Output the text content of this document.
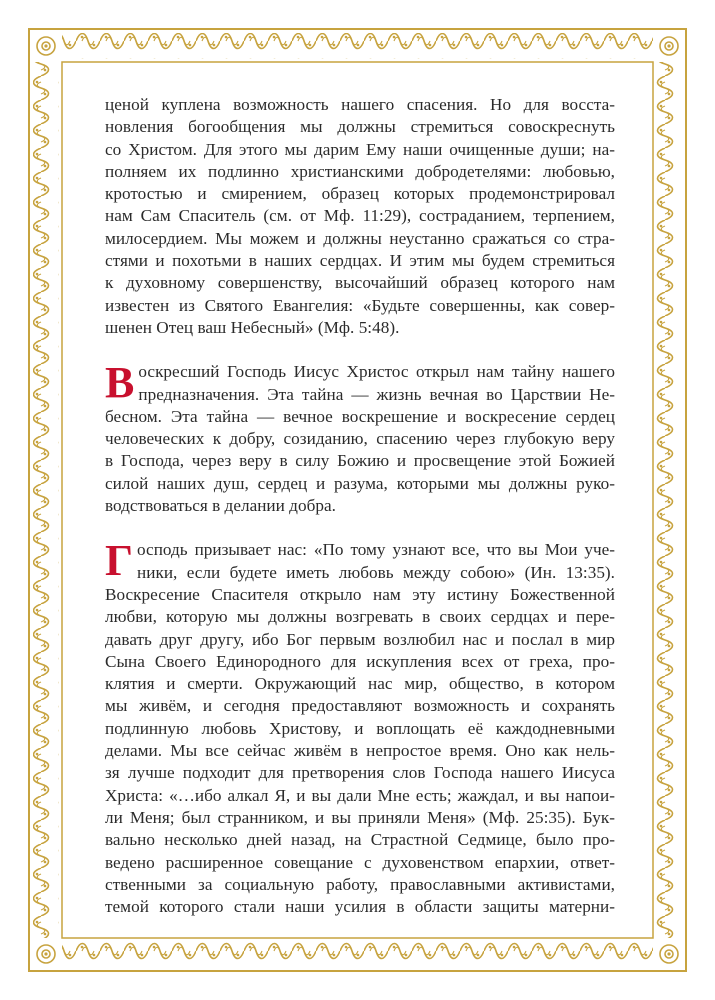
ценой куплена возможность нашего спасения. Но для восста-
новления богообщения мы должны стремиться совоскреснуть
со Христом. Для этого мы дарим Ему наши очищенные души; на-
полняем их подлинно христианскими добродетелями: любовью,
кротостью и смирением, образец которых продемонстрировал
нам Сам Спаситель (см. от Мф. 11:29), состраданием, терпением,
милосердием. Мы можем и должны неустанно сражаться со стра-
стями и похотьми в наших сердцах. И этим мы будем стремиться
к духовному совершенству, высочайший образец которого нам
известен из Святого Евангелия: «Будьте совершенны, как совер-
шенен Отец ваш Небесный» (Мф. 5:48).
В оскресший Господь Иисус Христос открыл нам тайну нашего
предназначения. Эта тайна — жизнь вечная во Царствии Не-
бесном. Эта тайна — вечное воскрешение и воскресение сердец
человеческих к добру, созиданию, спасению через глубокую веру
в Господа, через веру в силу Божию и просвещение этой Божией
силой наших душ, сердец и разума, которыми мы должны руко-
водствоваться в делании добра.
Г осподь призывает нас: «По тому узнают все, что вы Мои уче-
ники, если будете иметь любовь между собою» (Ин. 13:35).
Воскресение Спасителя открыло нам эту истину Божественной
любви, которую мы должны возгревать в своих сердцах и пере-
давать друг другу, ибо Бог первым возлюбил нас и послал в мир
Сына Своего Единородного для искупления всех от греха, про-
клятия и смерти. Окружающий нас мир, общество, в котором
мы живём, и сегодня предоставляют возможность и сохранять
подлинную любовь Христову, и воплощать её каждодневными
делами. Мы все сейчас живём в непростое время. Оно как нель-
зя лучше подходит для претворения слов Господа нашего Иисуса
Христа: «…ибо алкал Я, и вы дали Мне есть; жаждал, и вы напои-
ли Меня; был странником, и вы приняли Меня» (Мф. 25:35). Бук-
вально несколько дней назад, на Страстной Седмице, было про-
ведено расширенное совещание с духовенством епархии, ответ-
ственными за социальную работу, православными активистами,
темой которого стали наши усилия в области защиты матерни-
